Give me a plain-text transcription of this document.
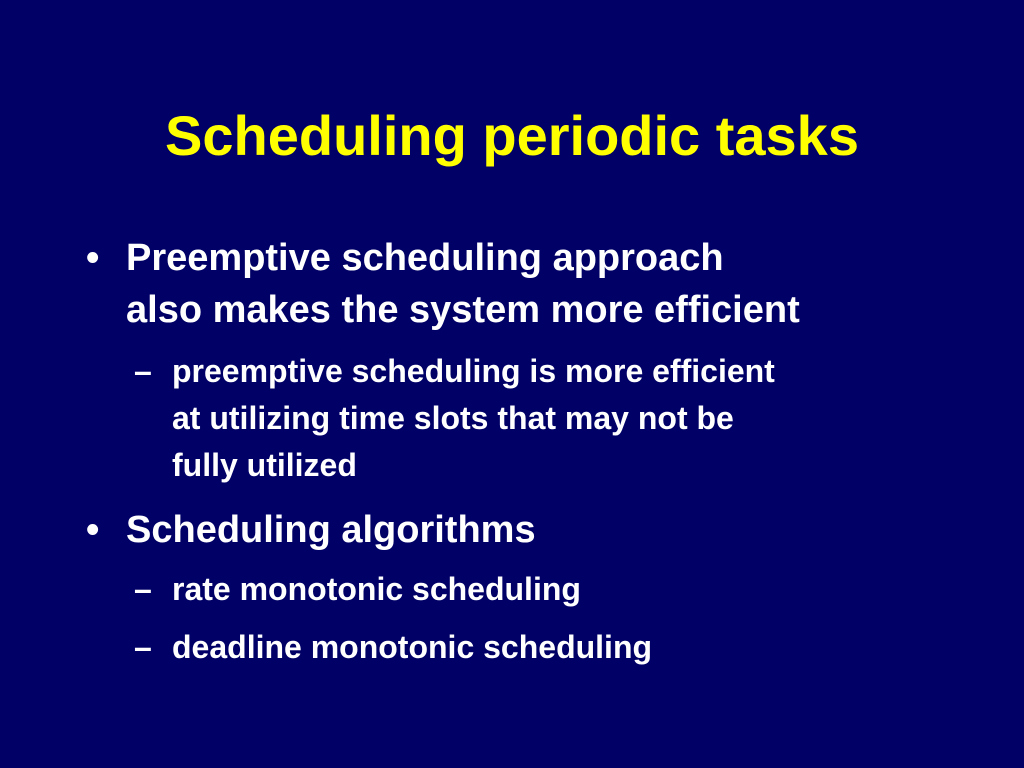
Scheduling periodic tasks
• Preemptive scheduling approach
also makes the system more efficient
– preemptive scheduling is more efficient
at utilizing time slots that may not be
fully utilized
• Scheduling algorithms
– rate monotonic scheduling
– deadline monotonic scheduling
